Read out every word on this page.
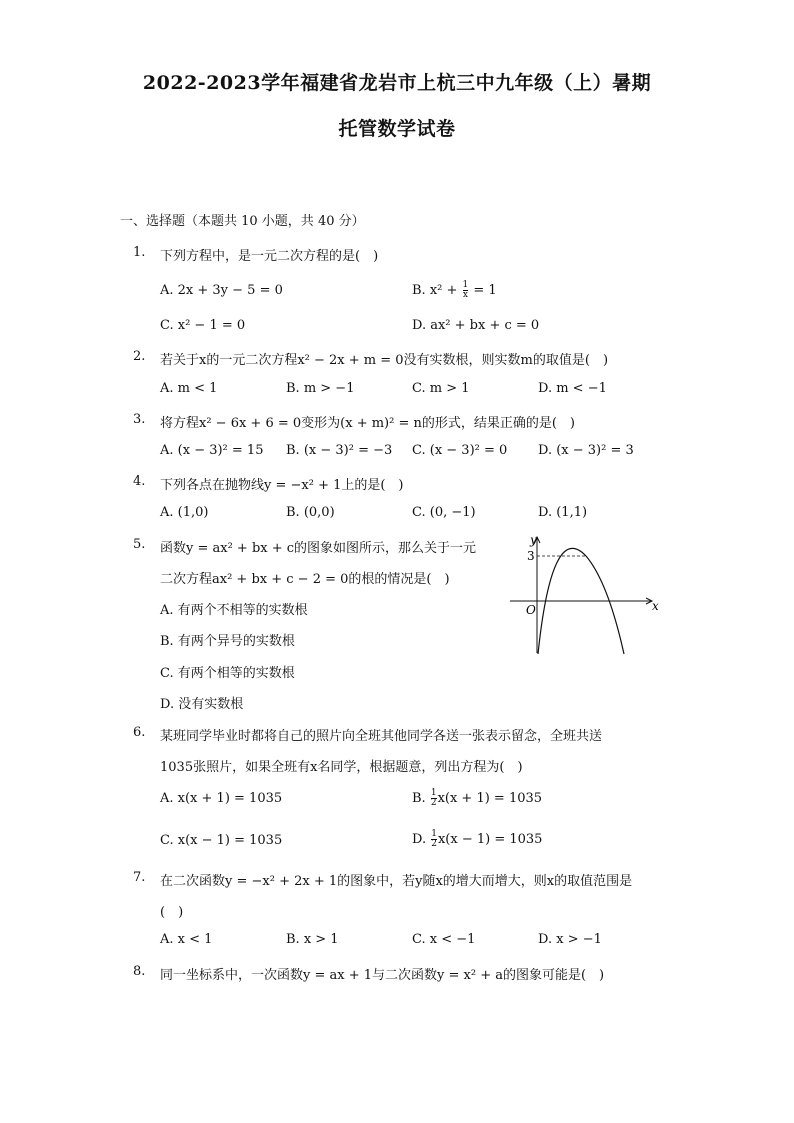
2022-2023学年福建省龙岩市上杭三中九年级（上）暑期
托管数学试卷
一、选择题（本题共 10 小题，共 40 分）
1. 下列方程中，是一元二次方程的是(　)
A. 2x + 3y − 5 = 0	B. $x^2 + \frac{1}{x} = 1$
C. x² − 1 = 0	D. ax² + bx + c = 0
2. 若关于x的一元二次方程x² − 2x + m = 0没有实数根，则实数m的取值是(　)
A. m < 1	B. m > −1	C. m > 1	D. m < −1
3. 将方程x² − 6x + 6 = 0变形为(x + m)² = n的形式，结果正确的是(　)
A. (x − 3)² = 15 B. (x − 3)² = −3 C. (x − 3)² = 0 D. (x − 3)² = 3
4. 下列各点在抛物线y = −x² + 1上的是(　)
A. (1,0)	B. (0,0)	C. (0, −1)	D. (1,1)
5. 函数y = ax² + bx + c的图象如图所示，那么关于一元
二次方程ax² + bx + c − 2 = 0的根的情况是(　)
A. 有两个不相等的实数根
B. 有两个异号的实数根
C. 有两个相等的实数根
D. 没有实数根
y
x
O
3
6. 某班同学毕业时都将自己的照片向全班其他同学各送一张表示留念，全班共送
1035张照片，如果全班有x名同学，根据题意，列出方程为(　)
A. x(x + 1) = 1035	B. $\frac{1}{2} x(x + 1) = 1035$
C. x(x − 1) = 1035	D. $\frac{1}{2} x(x - 1) = 1035$
7. 在二次函数y = −x² + 2x + 1的图象中，若y随x的增大而增大，则x的取值范围是
(　)
A. x < 1	B. x > 1	C. x < −1	D. x > −1
8. 同一坐标系中，一次函数y = ax + 1与二次函数y = x² + a的图象可能是(　)
